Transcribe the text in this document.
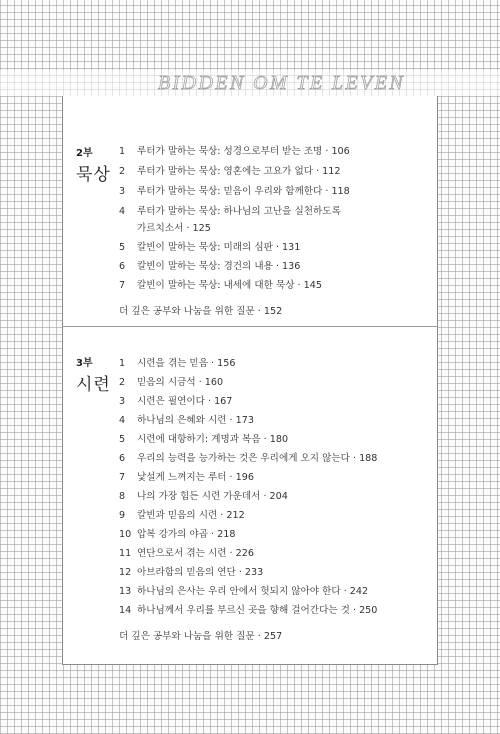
BIDDEN OM TE LEVEN
2부
묵상
1	루터가 말하는 묵상: 성경으로부터 받는 조명 · 106
2	루터가 말하는 묵상: 영혼에는 고요가 없다 · 112
3	루터가 말하는 묵상: 믿음이 우리와 함께한다 · 118
4	루터가 말하는 묵상: 하나님의 고난을 실천하도록
가르치소서 · 125
5	칼빈이 말하는 묵상: 미래의 심판 · 131
6	칼빈이 말하는 묵상: 경건의 내용 · 136
7	칼빈이 말하는 묵상: 내세에 대한 묵상 · 145
더 깊은 공부와 나눔을 위한 질문 · 152
3부
시련
1	시련을 겪는 믿음 · 156
2	믿음의 시금석 · 160
3	시련은 필연이다 · 167
4	하나님의 은혜와 시련 · 173
5	시련에 대항하기: 계명과 복음 · 180
6	우리의 능력을 능가하는 것은 우리에게 오지 않는다 · 188
7	낯설게 느껴지는 루터 · 196
8	나의 가장 힘든 시련 가운데서 · 204
9	칼빈과 믿음의 시련 · 212
10 압복 강가의 야곱 · 218
11 연단으로서 겪는 시련 · 226
12 아브라함의 믿음의 연단 · 233
13 하나님의 은사는 우리 안에서 헛되지 않아야 한다 · 242
14 하나님께서 우리를 부르신 곳을 향해 걸어간다는 것 · 250
더 깊은 공부와 나눔을 위한 질문 · 257
